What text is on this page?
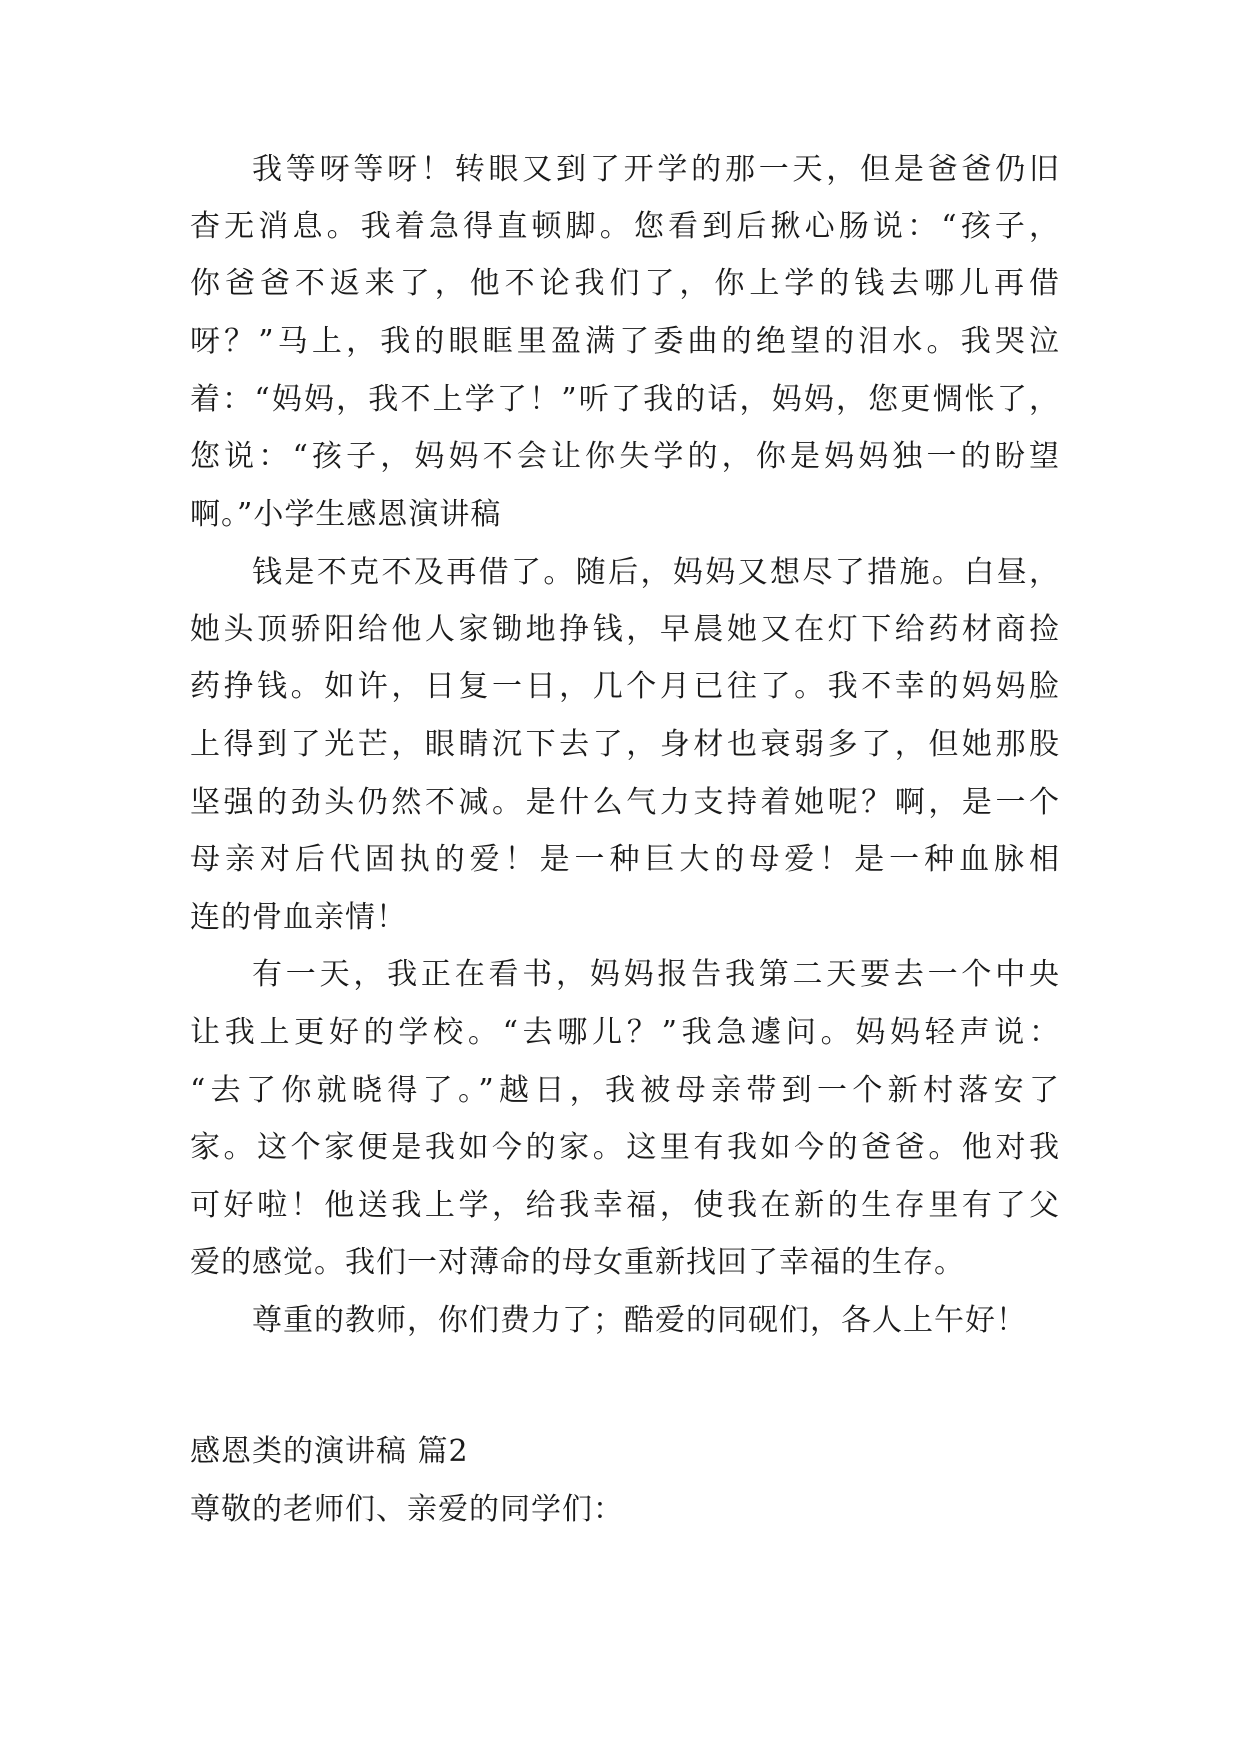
我等呀等呀！转眼又到了开学的那一天，但是爸爸仍旧
杳无消息。我着急得直顿脚。您看到后揪心肠说：“孩子，
你爸爸不返来了，他不论我们了，你上学的钱去哪儿再借
呀？”马上，我的眼眶里盈满了委曲的绝望的泪水。我哭泣
着：“妈妈，我不上学了！”听了我的话，妈妈，您更惆怅了，
您说：“孩子，妈妈不会让你失学的，你是妈妈独一的盼望
啊。”小学生感恩演讲稿
钱是不克不及再借了。随后，妈妈又想尽了措施。白昼，
她头顶骄阳给他人家锄地挣钱，早晨她又在灯下给药材商捡
药挣钱。如许，日复一日，几个月已往了。我不幸的妈妈脸
上得到了光芒，眼睛沉下去了，身材也衰弱多了，但她那股
坚强的劲头仍然不减。是什么气力支持着她呢？啊，是一个
母亲对后代固执的爱！是一种巨大的母爱！是一种血脉相
连的骨血亲情！
有一天，我正在看书，妈妈报告我第二天要去一个中央
让我上更好的学校。“去哪儿？”我急遽问。妈妈轻声说：
“去了你就晓得了。”越日，我被母亲带到一个新村落安了
家。这个家便是我如今的家。这里有我如今的爸爸。他对我
可好啦！他送我上学，给我幸福，使我在新的生存里有了父
爱的感觉。我们一对薄命的母女重新找回了幸福的生存。
尊重的教师，你们费力了；酷爱的同砚们，各人上午好！
感恩类的演讲稿 篇2
尊敬的老师们、亲爱的同学们：
